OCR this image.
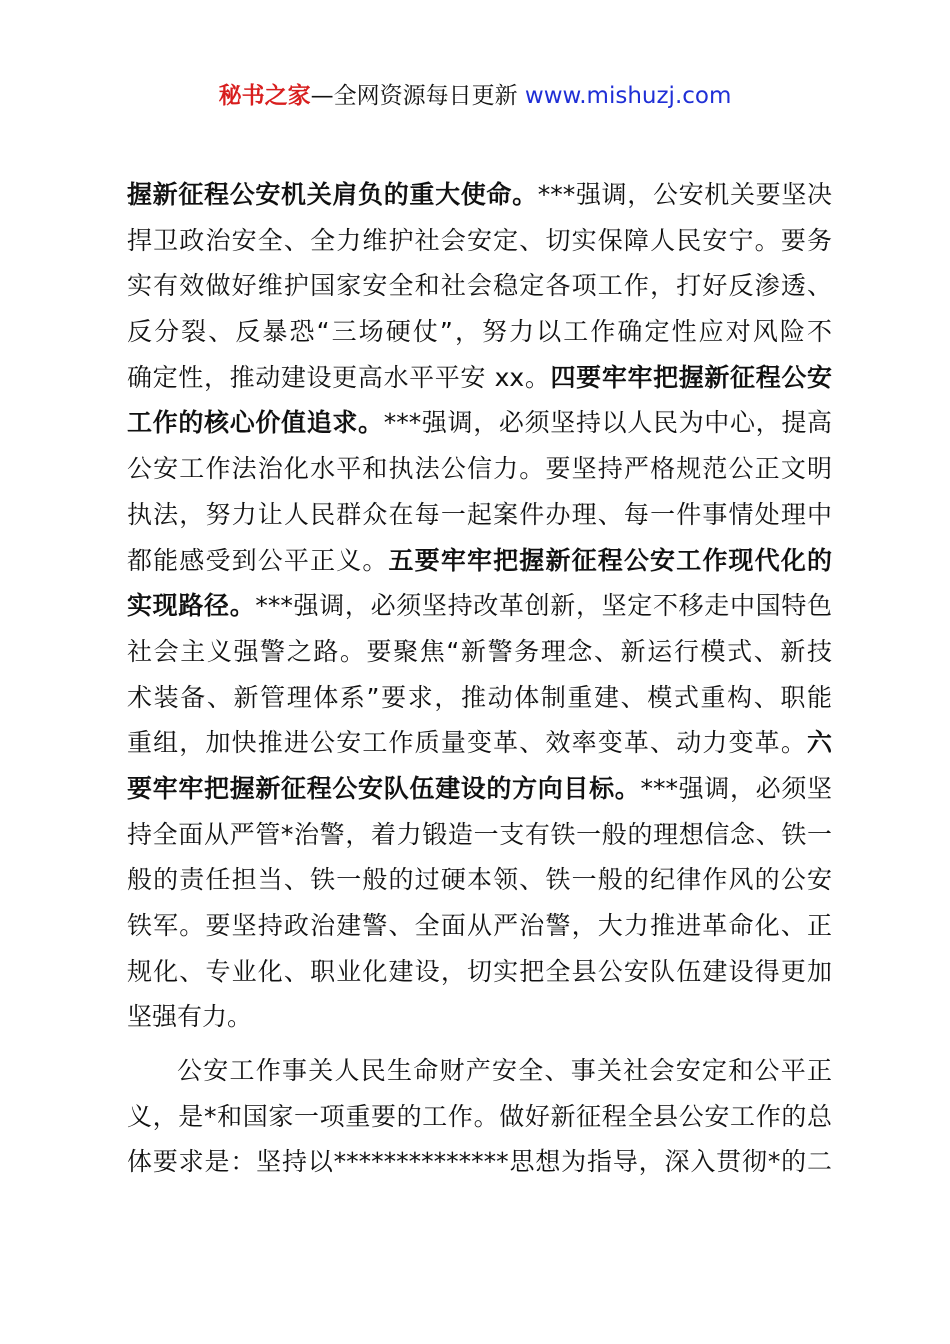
秘书之家—全网资源每日更新 www.mishuzj.com
握新征程公安机关肩负的重大使命。***强调，公安机关要坚决
捍卫政治安全、全力维护社会安定、切实保障人民安宁。要务
实有效做好维护国家安全和社会稳定各项工作，打好反渗透、
反分裂、反暴恐“三场硬仗”，努力以工作确定性应对风险不
确定性，推动建设更高水平平安 xx。四要牢牢把握新征程公安
工作的核心价值追求。***强调，必须坚持以人民为中心，提高
公安工作法治化水平和执法公信力。要坚持严格规范公正文明
执法，努力让人民群众在每一起案件办理、每一件事情处理中
都能感受到公平正义。五要牢牢把握新征程公安工作现代化的
实现路径。***强调，必须坚持改革创新，坚定不移走中国特色
社会主义强警之路。要聚焦“新警务理念、新运行模式、新技
术装备、新管理体系”要求，推动体制重建、模式重构、职能
重组，加快推进公安工作质量变革、效率变革、动力变革。六
要牢牢把握新征程公安队伍建设的方向目标。***强调，必须坚
持全面从严管*治警，着力锻造一支有铁一般的理想信念、铁一
般的责任担当、铁一般的过硬本领、铁一般的纪律作风的公安
铁军。要坚持政治建警、全面从严治警，大力推进革命化、正
规化、专业化、职业化建设，切实把全县公安队伍建设得更加
坚强有力。
公安工作事关人民生命财产安全、事关社会安定和公平正
义，是*和国家一项重要的工作。做好新征程全县公安工作的总
体要求是：坚持以**************思想为指导，深入贯彻*的二
